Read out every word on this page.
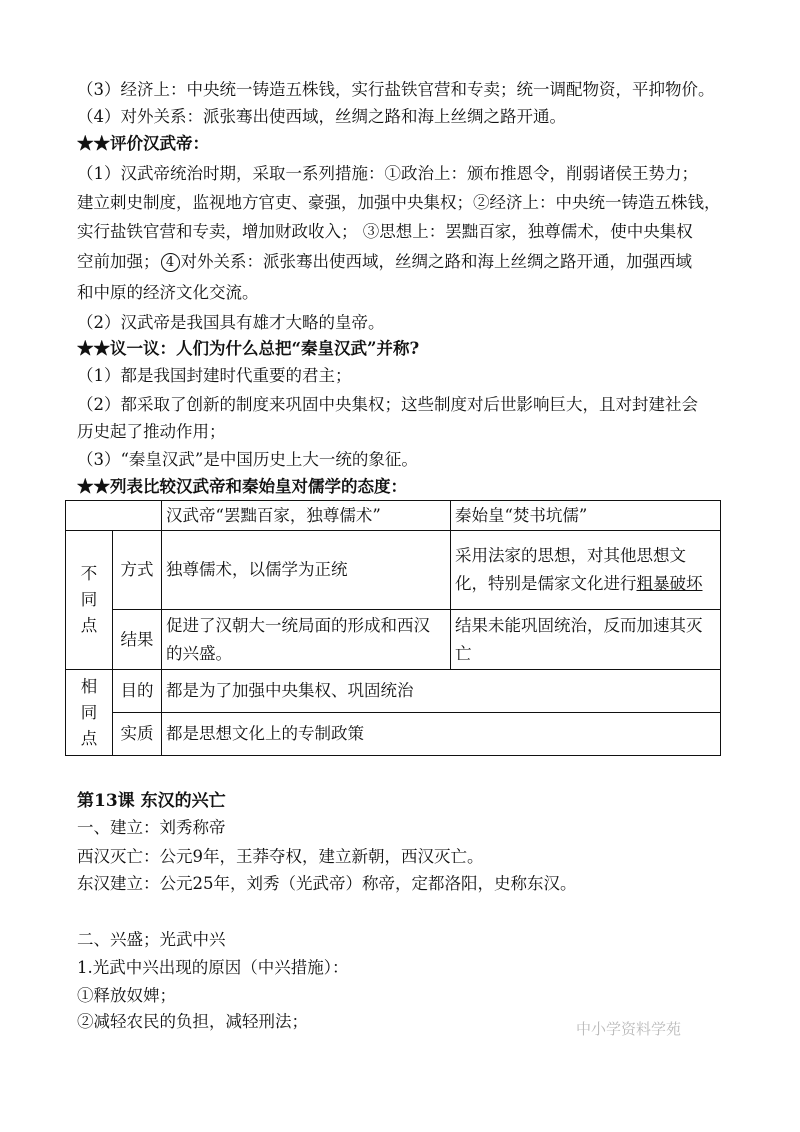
（3）经济上：中央统一铸造五株钱，实行盐铁官营和专卖；统一调配物资，平抑物价。
（4）对外关系：派张骞出使西域，丝绸之路和海上丝绸之路开通。
★★评价汉武帝：
（1）汉武帝统治时期，采取一系列措施：①政治上：颁布推恩令，削弱诸侯王势力；
建立刺史制度，监视地方官吏、豪强，加强中央集权；②经济上：中央统一铸造五株钱，
实行盐铁官营和专卖，增加财政收入； ③思想上：罢黜百家，独尊儒术，使中央集权
空前加强； 4 对外关系：派张骞出使西域，丝绸之路和海上丝绸之路开通，加强西域
和中原的经济文化交流。
（2）汉武帝是我国具有雄才大略的皇帝。
★★议一议：人们为什么总把“秦皇汉武”并称?
（1）都是我国封建时代重要的君主；
（2）都采取了创新的制度来巩固中央集权；这些制度对后世影响巨大，且对封建社会
历史起了推动作用；
（3）“秦皇汉武”是中国历史上大一统的象征。
★★列表比较汉武帝和秦始皇对儒学的态度：
		汉武帝“罢黜百家，独尊儒术”	秦始皇“焚书坑儒”

不同点	方式	独尊儒术，以儒学为正统	采用法家的思想，对其他思想文化，特别是儒家文化进行粗暴破坏
	结果	促进了汉朝大一统局面的形成和西汉的兴盛。	结果未能巩固统治，反而加速其灭亡

相同点	目的	都是为了加强中央集权、巩固统治	
	实质	都是思想文化上的专制政策	
第13课 东汉的兴亡
一、建立：刘秀称帝
西汉灭亡：公元9年，王莽夺权，建立新朝，西汉灭亡。
东汉建立：公元25年，刘秀（光武帝）称帝，定都洛阳，史称东汉。
二、兴盛；光武中兴
1.光武中兴出现的原因（中兴措施）：
①释放奴婢；
②减轻农民的负担，减轻刑法；	中小学资料学苑
